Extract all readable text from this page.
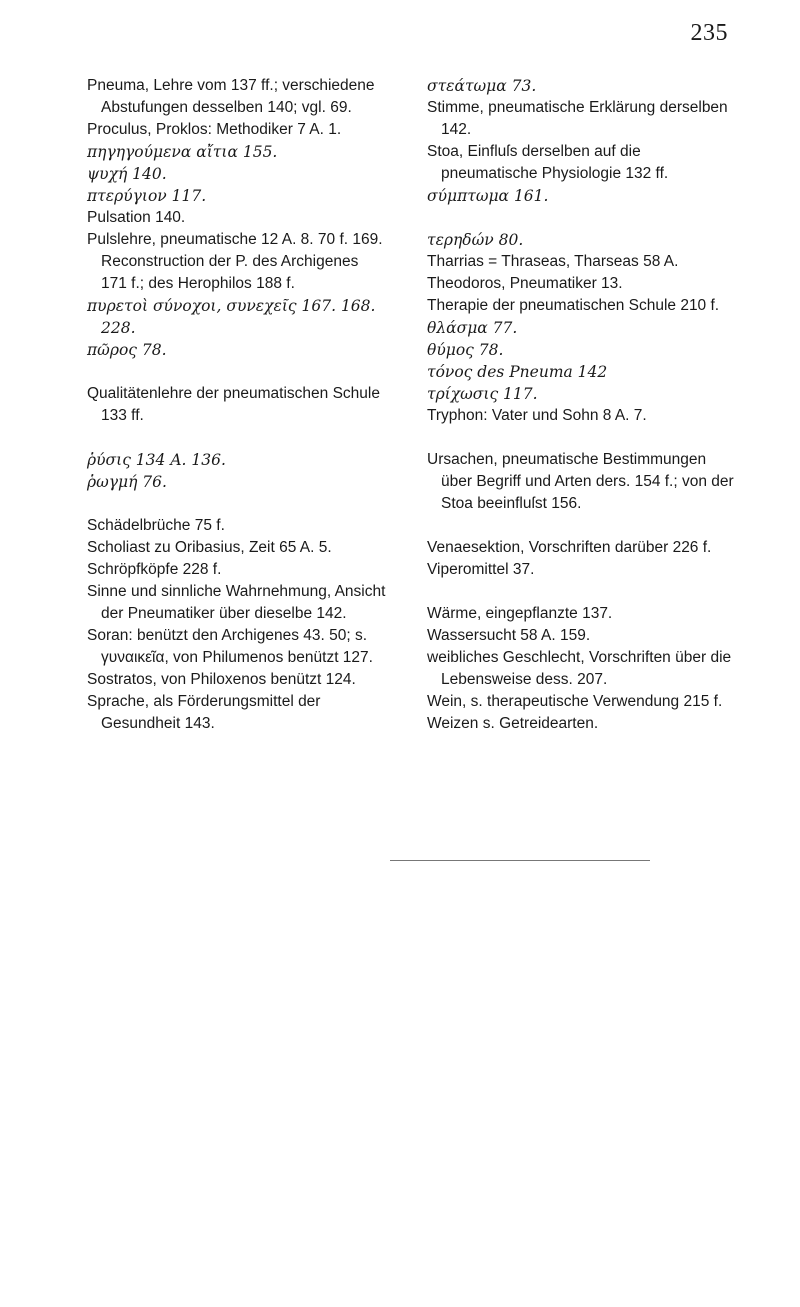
235

Pneuma, Lehre vom 137 ff.; verschiedene Abstufungen desselben 140; vgl. 69.

Proculus, Proklos: Methodiker 7 A. 1.

πηγηγούμενα αἴτια 155.

ψυχή 140.

πτερύγιον 117.

Pulsation 140.

Pulslehre, pneumatische 12 A. 8. 70 f. 169. Reconstruction der P. des Archigenes 171 f.; des Herophilos 188 f.

πυρετοὶ σύνοχοι, συνεχεῖς 167. 168. 228.

πῶρος 78.

Qualitätenlehre der pneumatischen Schule 133 ff.

ῥύσις 134 A. 136.

ῥωγμή 76.

Schädelbrüche 75 f.

Scholiast zu Oribasius, Zeit 65 A. 5.

Schröpfköpfe 228 f.

Sinne und sinnliche Wahrnehmung, Ansicht der Pneumatiker über dieselbe 142.

Soran: benützt den Archigenes 43. 50; s. γυναικεῖα, von Philumenos benützt 127.

Sostratos, von Philoxenos benützt 124.

Sprache, als Förderungsmittel der Gesundheit 143.

στεάτωμα 73.

Stimme, pneumatische Erklärung derselben 142.

Stoa, Einfluſs derselben auf die pneumatische Physiologie 132 ff.

σύμπτωμα 161.

τερηδών 80.

Tharrias = Thraseas, Tharseas 58 A.

Theodoros, Pneumatiker 13.

Therapie der pneumatischen Schule 210 f.

θλάσμα 77.

θύμος 78.

τόνος des Pneuma 142

τρίχωσις 117.

Tryphon: Vater und Sohn 8 A. 7.

Ursachen, pneumatische Bestimmungen über Begriff und Arten ders. 154 f.; von der Stoa beeinfluſst 156.

Venaesektion, Vorschriften darüber 226 f.

Viperomittel 37.

Wärme, eingepflanzte 137.

Wassersucht 58 A. 159.

weibliches Geschlecht, Vorschriften über die Lebensweise dess. 207.

Wein, s. therapeutische Verwendung 215 f.

Weizen s. Getreidearten.
